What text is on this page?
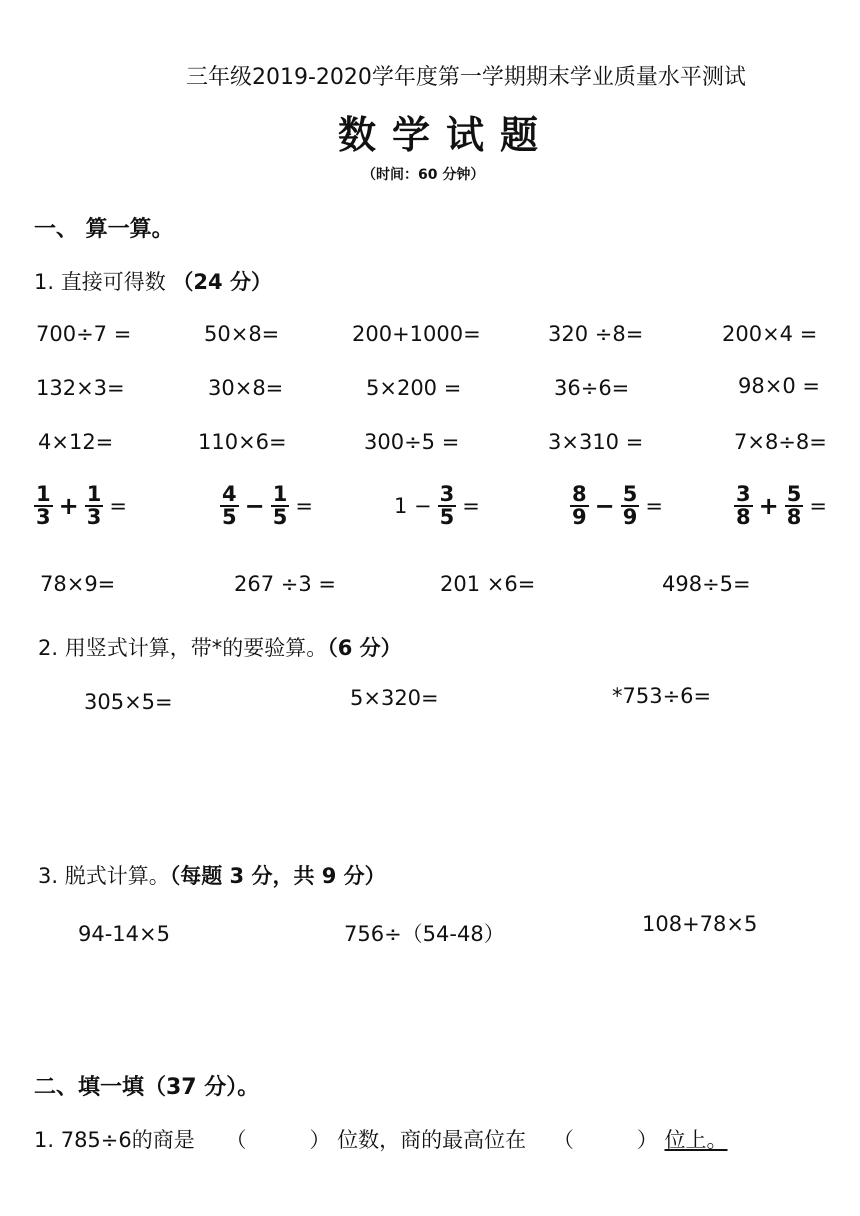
三年级2019-2020学年度第一学期期末学业质量水平测试
数学试题
（时间：60 分钟）
一、 算一算。
1. 直接可得数 （24 分）
700÷7 =	50×8=	200+1000=	320 ÷8=	200×4 =
132×3=	30×8=	5×200 =	36÷6=	98×0 =
4×12=	110×6=	300÷5 =	3×310 =	7×8÷8=
$\frac{1}{3} + \frac{1}{3}$ =	$\frac{4}{5} - \frac{1}{5}$ =	$1 - \frac{3}{5}$ =	$\frac{8}{9} - \frac{5}{9}$ =	$\frac{3}{8} + \frac{5}{8}$ =
78×9=	267 ÷3 =	201 ×6=	498÷5=
2. 用竖式计算，带*的要验算。（6 分）
305×5=	5×320=	*753÷6=
3. 脱式计算。（每题 3 分，共 9 分）
94-14×5	756÷（54-48）	108+78×5
二、填一填（37 分）。
1. 785÷6的商是 （　　　） 位数，商的最高位在 （　　　） 位上。
